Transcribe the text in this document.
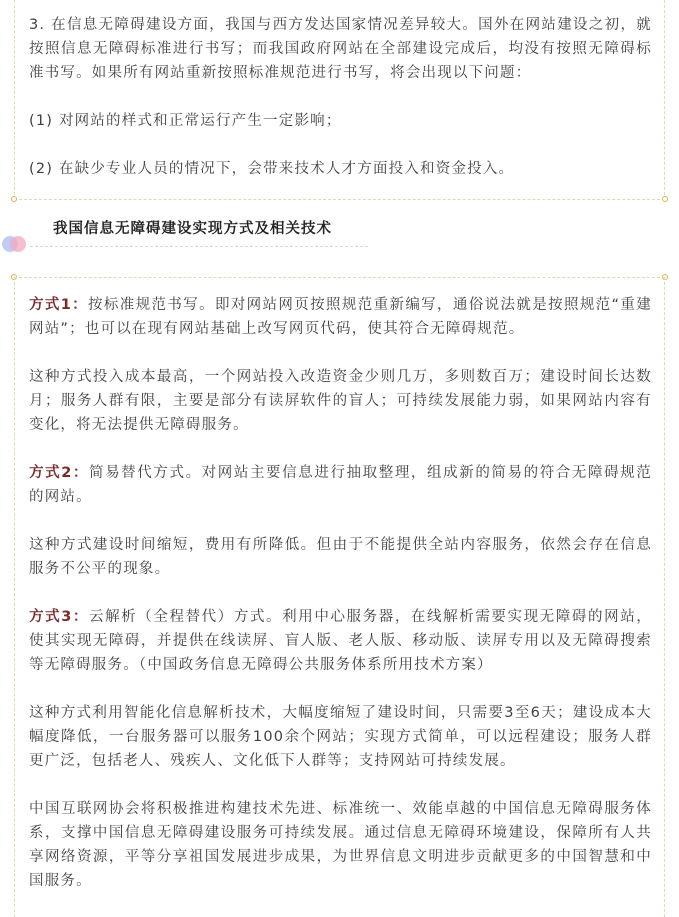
3. 在信息无障碍建设方面，我国与西方发达国家情况差异较大。国外在网站建设之初，就按照信息无障碍标准进行书写；而我国政府网站在全部建设完成后，均没有按照无障碍标准书写。如果所有网站重新按照标准规范进行书写，将会出现以下问题：

(1) 对网站的样式和正常运行产生一定影响；

(2) 在缺少专业人员的情况下，会带来技术人才方面投入和资金投入。

我国信息无障碍建设实现方式及相关技术

方式1：按标准规范书写。即对网站网页按照规范重新编写，通俗说法就是按照规范“重建网站”；也可以在现有网站基础上改写网页代码，使其符合无障碍规范。

这种方式投入成本最高，一个网站投入改造资金少则几万，多则数百万；建设时间长达数月；服务人群有限，主要是部分有读屏软件的盲人；可持续发展能力弱，如果网站内容有变化，将无法提供无障碍服务。

方式2：简易替代方式。对网站主要信息进行抽取整理，组成新的简易的符合无障碍规范的网站。

这种方式建设时间缩短，费用有所降低。但由于不能提供全站内容服务，依然会存在信息服务不公平的现象。

方式3：云解析（全程替代）方式。利用中心服务器，在线解析需要实现无障碍的网站，使其实现无障碍，并提供在线读屏、盲人版、老人版、移动版、读屏专用以及无障碍搜索等无障碍服务。（中国政务信息无障碍公共服务体系所用技术方案）

这种方式利用智能化信息解析技术，大幅度缩短了建设时间，只需要3至6天；建设成本大幅度降低，一台服务器可以服务100余个网站；实现方式简单，可以远程建设；服务人群更广泛，包括老人、残疾人、文化低下人群等；支持网站可持续发展。

中国互联网协会将积极推进构建技术先进、标准统一、效能卓越的中国信息无障碍服务体系，支撑中国信息无障碍建设服务可持续发展。通过信息无障碍环境建设，保障所有人共享网络资源，平等分享祖国发展进步成果，为世界信息文明进步贡献更多的中国智慧和中国服务。
